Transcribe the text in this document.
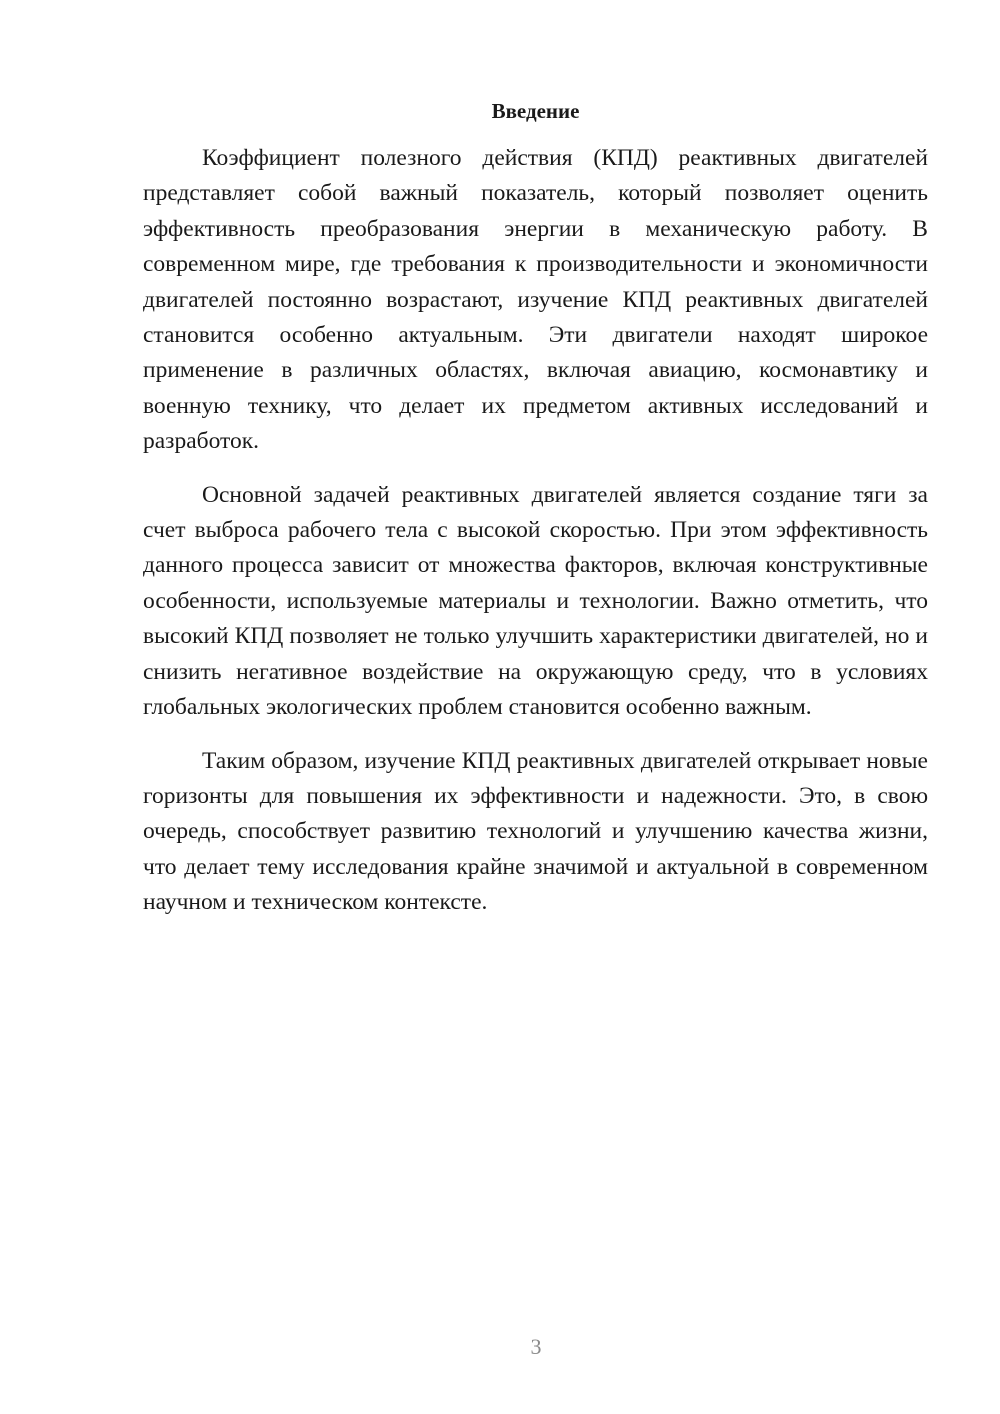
Введение

Коэффициент полезного действия (КПД) реактивных двигателей представляет собой важный показатель, который позволяет оценить эффективность преобразования энергии в механическую работу. В современном мире, где требования к производительности и экономичности двигателей постоянно возрастают, изучение КПД реактивных двигателей становится особенно актуальным. Эти двигатели находят широкое применение в различных областях, включая авиацию, космонавтику и военную технику, что делает их предметом активных исследований и разработок.

Основной задачей реактивных двигателей является создание тяги за счет выброса рабочего тела с высокой скоростью. При этом эффективность данного процесса зависит от множества факторов, включая конструктивные особенности, используемые материалы и технологии. Важно отметить, что высокий КПД позволяет не только улучшить характеристики двигателей, но и снизить негативное воздействие на окружающую среду, что в условиях глобальных экологических проблем становится особенно важным.

Таким образом, изучение КПД реактивных двигателей открывает новые горизонты для повышения их эффективности и надежности. Это, в свою очередь, способствует развитию технологий и улучшению качества жизни, что делает тему исследования крайне значимой и актуальной в современном научном и техническом контексте.

3
